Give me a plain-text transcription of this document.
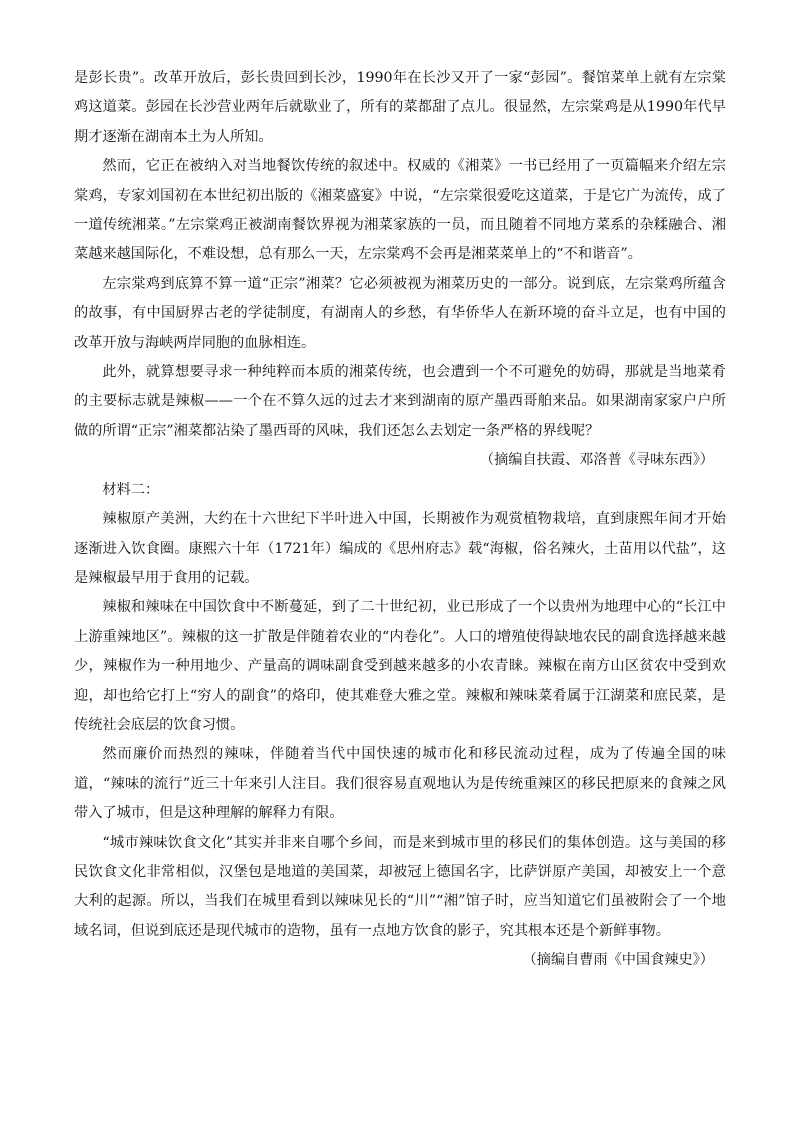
是彭长贵”。改革开放后，彭长贵回到长沙，1990年在长沙又开了一家“彭园”。餐馆菜单上就有左宗棠鸡这道菜。彭园在长沙营业两年后就歇业了，所有的菜都甜了点儿。很显然，左宗棠鸡是从1990年代早期才逐渐在湖南本土为人所知。

然而，它正在被纳入对当地餐饮传统的叙述中。权威的《湘菜》一书已经用了一页篇幅来介绍左宗棠鸡，专家刘国初在本世纪初出版的《湘菜盛宴》中说，“左宗棠很爱吃这道菜，于是它广为流传，成了一道传统湘菜。”左宗棠鸡正被湖南餐饮界视为湘菜家族的一员，而且随着不同地方菜系的杂糅融合、湘菜越来越国际化，不难设想，总有那么一天，左宗棠鸡不会再是湘菜菜单上的“不和谐音”。

左宗棠鸡到底算不算一道“正宗”湘菜？它必须被视为湘菜历史的一部分。说到底，左宗棠鸡所蕴含的故事，有中国厨界古老的学徒制度，有湖南人的乡愁，有华侨华人在新环境的奋斗立足，也有中国的改革开放与海峡两岸同胞的血脉相连。

此外，就算想要寻求一种纯粹而本质的湘菜传统，也会遭到一个不可避免的妨碍，那就是当地菜肴的主要标志就是辣椒——一个在不算久远的过去才来到湖南的原产墨西哥舶来品。如果湖南家家户户所做的所谓“正宗”湘菜都沾染了墨西哥的风味，我们还怎么去划定一条严格的界线呢？

（摘编自扶霞、邓洛普《寻味东西》）

材料二：

辣椒原产美洲，大约在十六世纪下半叶进入中国，长期被作为观赏植物栽培，直到康熙年间才开始逐渐进入饮食圈。康熙六十年（1721年）编成的《思州府志》载“海椒，俗名辣火，土苗用以代盐”，这是辣椒最早用于食用的记载。

辣椒和辣味在中国饮食中不断蔓延，到了二十世纪初，业已形成了一个以贵州为地理中心的“长江中上游重辣地区”。辣椒的这一扩散是伴随着农业的“内卷化”。人口的增殖使得缺地农民的副食选择越来越少，辣椒作为一种用地少、产量高的调味副食受到越来越多的小农青睐。辣椒在南方山区贫农中受到欢迎，却也给它打上“穷人的副食”的烙印，使其难登大雅之堂。辣椒和辣味菜肴属于江湖菜和庶民菜，是传统社会底层的饮食习惯。

然而廉价而热烈的辣味，伴随着当代中国快速的城市化和移民流动过程，成为了传遍全国的味道，“辣味的流行”近三十年来引人注目。我们很容易直观地认为是传统重辣区的移民把原来的食辣之风带入了城市，但是这种理解的解释力有限。

“城市辣味饮食文化”其实并非来自哪个乡间，而是来到城市里的移民们的集体创造。这与美国的移民饮食文化非常相似，汉堡包是地道的美国菜，却被冠上德国名字，比萨饼原产美国，却被安上一个意大利的起源。所以，当我们在城里看到以辣味见长的“川”“湘”馆子时，应当知道它们虽被附会了一个地域名词，但说到底还是现代城市的造物，虽有一点地方饮食的影子，究其根本还是个新鲜事物。

（摘编自曹雨《中国食辣史》）
